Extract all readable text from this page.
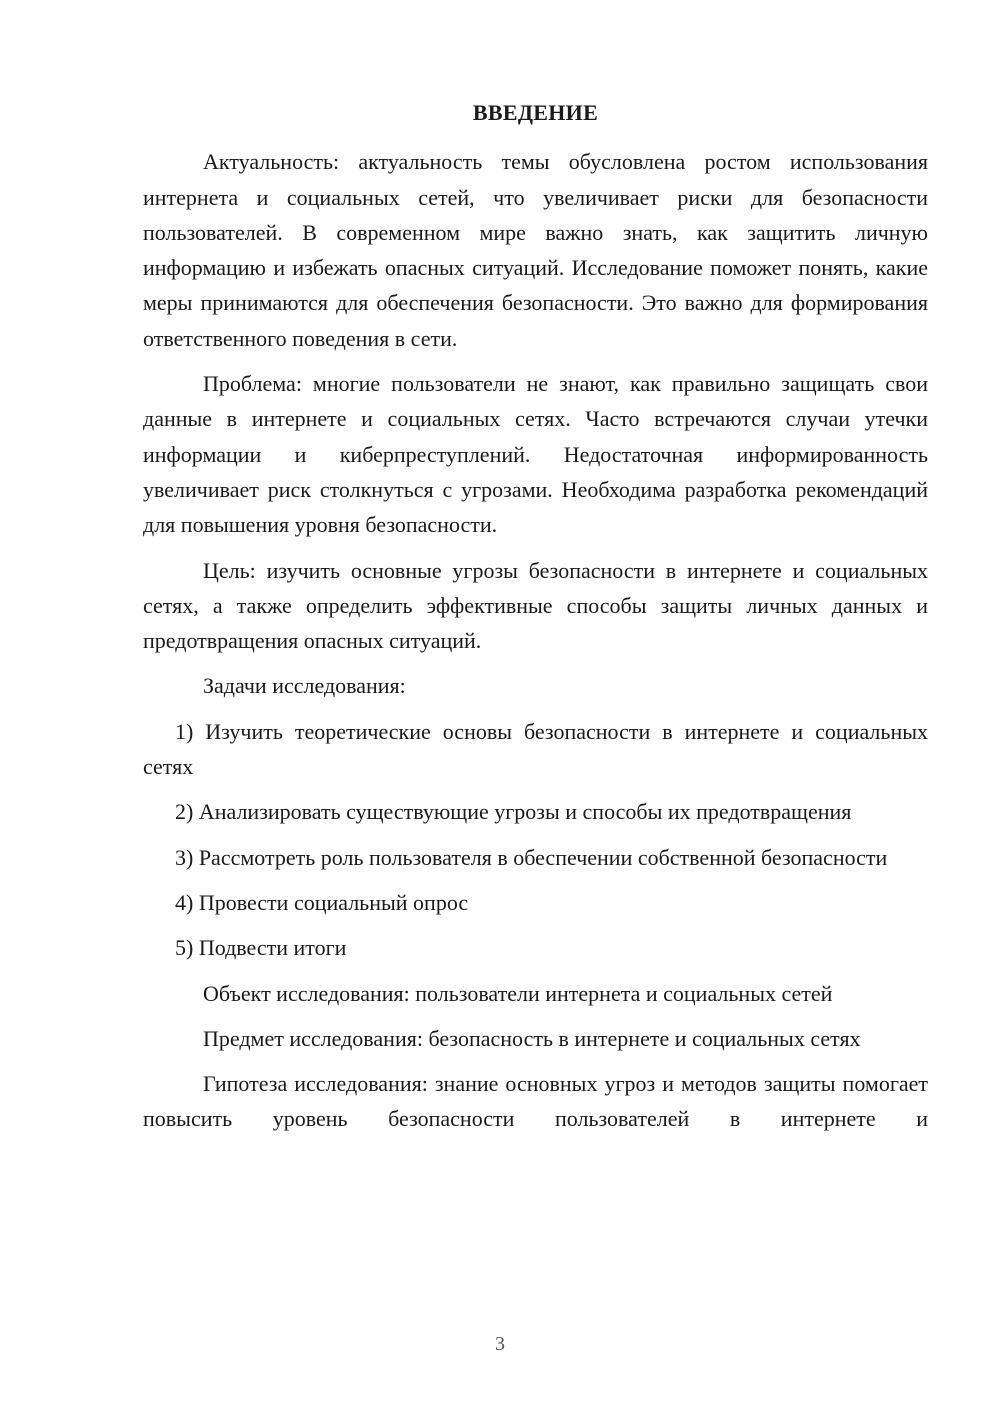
ВВЕДЕНИЕ

Актуальность: актуальность темы обусловлена ростом использования интернета и социальных сетей, что увеличивает риски для безопасности пользователей. В современном мире важно знать, как защитить личную информацию и избежать опасных ситуаций. Исследование поможет понять, какие меры принимаются для обеспечения безопасности. Это важно для формирования ответственного поведения в сети.

Проблема: многие пользователи не знают, как правильно защищать свои данные в интернете и социальных сетях. Часто встречаются случаи утечки информации и киберпреступлений. Недостаточная информированность увеличивает риск столкнуться с угрозами. Необходима разработка рекомендаций для повышения уровня безопасности.

Цель: изучить основные угрозы безопасности в интернете и социальных сетях, а также определить эффективные способы защиты личных данных и предотвращения опасных ситуаций.

Задачи исследования:

1) Изучить теоретические основы безопасности в интернете и социальных сетях

2) Анализировать существующие угрозы и способы их предотвращения

3) Рассмотреть роль пользователя в обеспечении собственной безопасности

4) Провести социальный опрос

5) Подвести итоги

Объект исследования: пользователи интернета и социальных сетей

Предмет исследования: безопасность в интернете и социальных сетях

Гипотеза исследования: знание основных угроз и методов защиты помогает повысить уровень безопасности пользователей в интернете и

3
